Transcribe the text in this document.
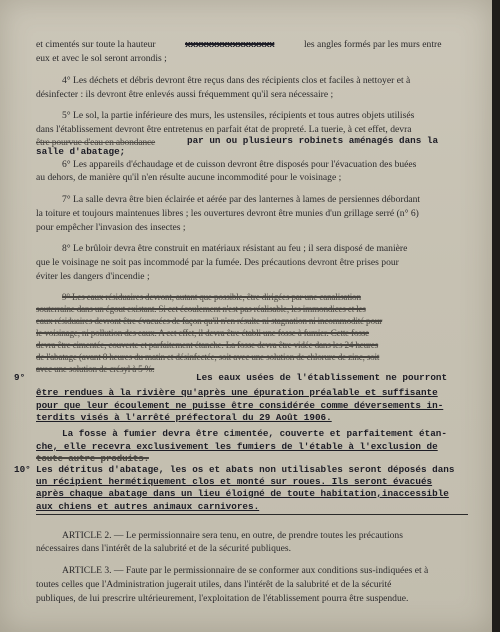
et cimentés sur toute la hauteur	xxxxxxxxxxxxxxxxx	les angles formés par les murs entre

eux et avec le sol seront arrondis ;

4° Les déchets et débris devront être reçus dans des récipients clos et faciles à nettoyer et à

désinfecter : ils devront être enlevés aussi fréquemment qu'il sera nécessaire ;

5° Le sol, la partie inférieure des murs, les ustensiles, récipients et tous autres objets utilisés

dans l'établissement devront être entretenus en parfait état de propreté. La tuerie, à cet effet, devra

être pourvue d'eau en abondance	par un ou plusieurs robinets aménagés dans la

salle d'abatage;

6° Les appareils d'échaudage et de cuisson devront être disposés pour l'évacuation des buées

au dehors, de manière qu'il n'en résulte aucune incommodité pour le voisinage ;

7° La salle devra être bien éclairée et aérée par des lanternes à lames de persiennes débordant

la toiture et toujours maintenues libres ; les ouvertures devront être munies d'un grillage serré (n° 6)

pour empêcher l'invasion des insectes ;

8° Le brûloir devra être construit en matériaux résistant au feu ; il sera disposé de manière

que le voisinage ne soit pas incommodé par la fumée. Des précautions devront être prises pour

éviter les dangers d'incendie ;

9° Les eaux résiduaires devront, autant que possible, être dirigées par une canalisation

souterraine dans un égout existant. Si cet écoulement n'est pas réalisable, les immondices et les

eaux résiduaires devront être évacuées de façon qu'il n'en résulte ni stagnation ni incommodité pour

le voisinage, ni pollution des eaux. A cet effet, il devra être établi une fosse à fumier. Cette fosse

devra être cimentée, couverte et parfaitement étanche. La fosse devra être vidée dans les 24 heures

de l'abatage (avant 8 heures du matin et désinfectée, soit avec une solution de chlorure de zinc, soit

avec une solution de crésyl à 5 %.

9°	Les eaux usées de l'établissement ne pourront

être rendues à la rivière qu'après une épuration préalable et suffisante

pour que leur écoulement ne puisse être considérée comme déversements in-

terdits visés à l'arrêté préfectoral du 29 Août 1906.

La fosse à fumier devra être cimentée, couverte et parfaitement étan-

che, elle recevra exclusivement les fumiers de l'étable à l'exclusion de

toute autre produits.

10° Les détritus d'abatage, les os et abats non utilisables seront déposés dans

un récipient hermétiquement clos et monté sur roues. Ils seront évacués

après chaque abatage dans un lieu éloigné de toute habitation,inaccessible

aux chiens et autres animaux carnivores.

ARTICLE 2. — Le permissionnaire sera tenu, en outre, de prendre toutes les précautions

nécessaires dans l'intérêt de la salubrité et de la sécurité publiques.

ARTICLE 3. — Faute par le permissionnaire de se conformer aux conditions sus-indiquées et à

toutes celles que l'Administration jugerait utiles, dans l'intérêt de la salubrité et de la sécurité

publiques, de lui prescrire ultérieurement, l'exploitation de l'établissement pourra être suspendue.
